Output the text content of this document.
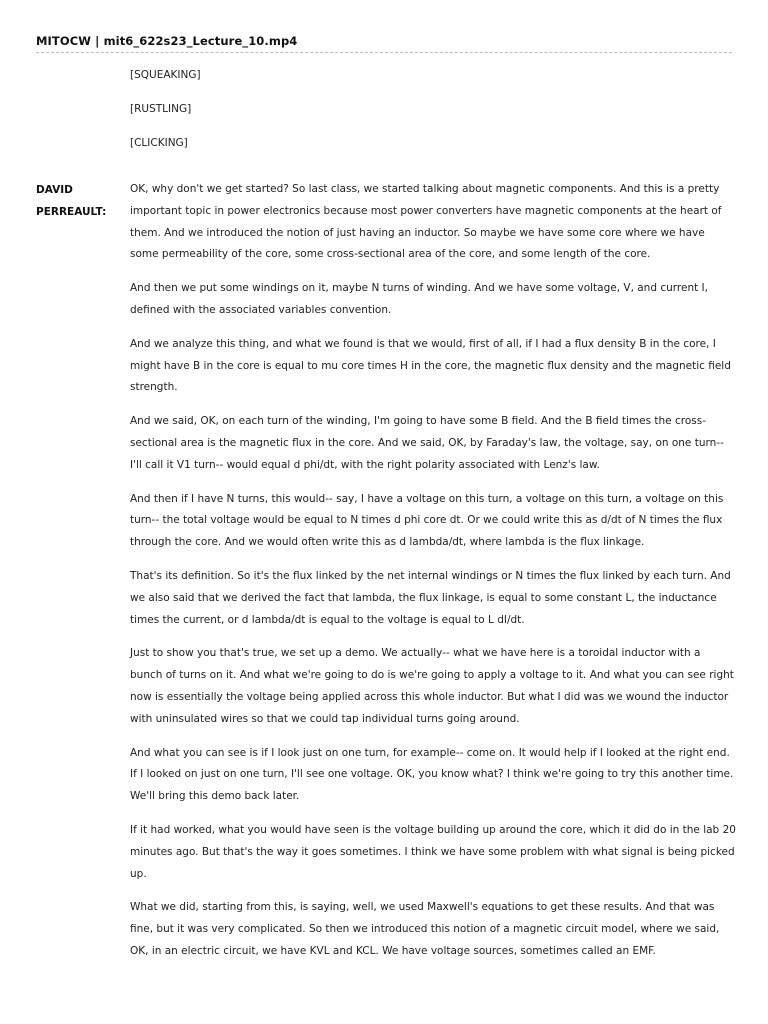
MITOCW | mit6_622s23_Lecture_10.mp4

[SQUEAKING]

[RUSTLING]

[CLICKING]

DAVID PERREAULT:

OK, why don't we get started? So last class, we started talking about magnetic components. And this is a pretty important topic in power electronics because most power converters have magnetic components at the heart of them. And we introduced the notion of just having an inductor. So maybe we have some core where we have some permeability of the core, some cross-sectional area of the core, and some length of the core.

And then we put some windings on it, maybe N turns of winding. And we have some voltage, V, and current I, defined with the associated variables convention.

And we analyze this thing, and what we found is that we would, first of all, if I had a flux density B in the core, I might have B in the core is equal to mu core times H in the core, the magnetic flux density and the magnetic field strength.

And we said, OK, on each turn of the winding, I'm going to have some B field. And the B field times the cross-sectional area is the magnetic flux in the core. And we said, OK, by Faraday's law, the voltage, say, on one turn-- I'll call it V1 turn-- would equal d phi/dt, with the right polarity associated with Lenz's law.

And then if I have N turns, this would-- say, I have a voltage on this turn, a voltage on this turn, a voltage on this turn-- the total voltage would be equal to N times d phi core dt. Or we could write this as d/dt of N times the flux through the core. And we would often write this as d lambda/dt, where lambda is the flux linkage.

That's its definition. So it's the flux linked by the net internal windings or N times the flux linked by each turn. And we also said that we derived the fact that lambda, the flux linkage, is equal to some constant L, the inductance times the current, or d lambda/dt is equal to the voltage is equal to L dI/dt.

Just to show you that's true, we set up a demo. We actually-- what we have here is a toroidal inductor with a bunch of turns on it. And what we're going to do is we're going to apply a voltage to it. And what you can see right now is essentially the voltage being applied across this whole inductor. But what I did was we wound the inductor with uninsulated wires so that we could tap individual turns going around.

And what you can see is if I look just on one turn, for example-- come on. It would help if I looked at the right end. If I looked on just on one turn, I'll see one voltage. OK, you know what? I think we're going to try this another time. We'll bring this demo back later.

If it had worked, what you would have seen is the voltage building up around the core, which it did do in the lab 20 minutes ago. But that's the way it goes sometimes. I think we have some problem with what signal is being picked up.

What we did, starting from this, is saying, well, we used Maxwell's equations to get these results. And that was fine, but it was very complicated. So then we introduced this notion of a magnetic circuit model, where we said, OK, in an electric circuit, we have KVL and KCL. We have voltage sources, sometimes called an EMF.
